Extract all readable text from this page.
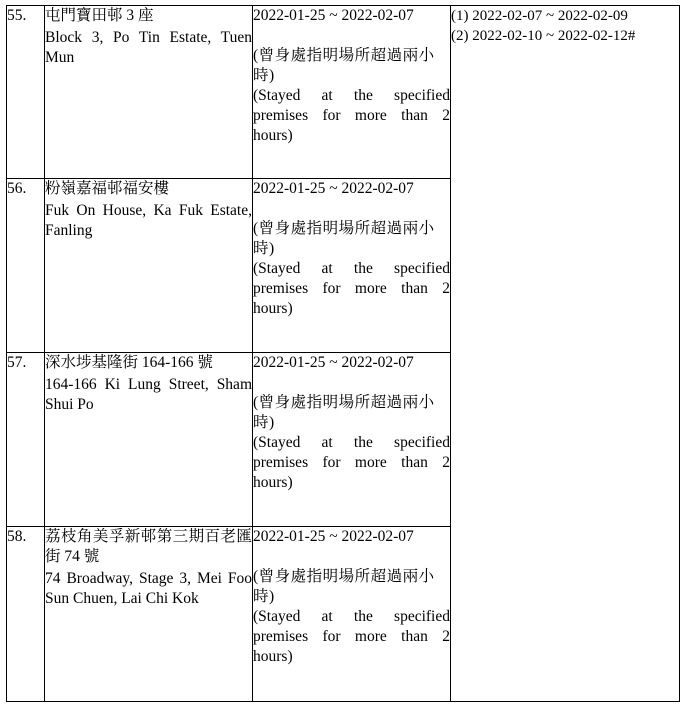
55.	屯門寶田邨 3 座
Block 3, Po Tin Estate, Tuen Mun	2022-01-25 ~ 2022-02-07
(曾身處指明場所超過兩小時)
(Stayed at the specified premises for more than 2 hours)	(1) 2022-02-07 ~ 2022-02-09
(2) 2022-02-10 ~ 2022-02-12#

56.	粉嶺嘉福邨福安樓
Fuk On House, Ka Fuk Estate, Fanling	2022-01-25 ~ 2022-02-07
(曾身處指明場所超過兩小時)
(Stayed at the specified premises for more than 2 hours)	

57.	深水埗基隆街 164-166 號
164-166 Ki Lung Street, Sham Shui Po	2022-01-25 ~ 2022-02-07
(曾身處指明場所超過兩小時)
(Stayed at the specified premises for more than 2 hours)	

58.	荔枝角美孚新邨第三期百老匯街 74 號
74 Broadway, Stage 3, Mei Foo Sun Chuen, Lai Chi Kok	2022-01-25 ~ 2022-02-07
(曾身處指明場所超過兩小時)
(Stayed at the specified premises for more than 2 hours)	
